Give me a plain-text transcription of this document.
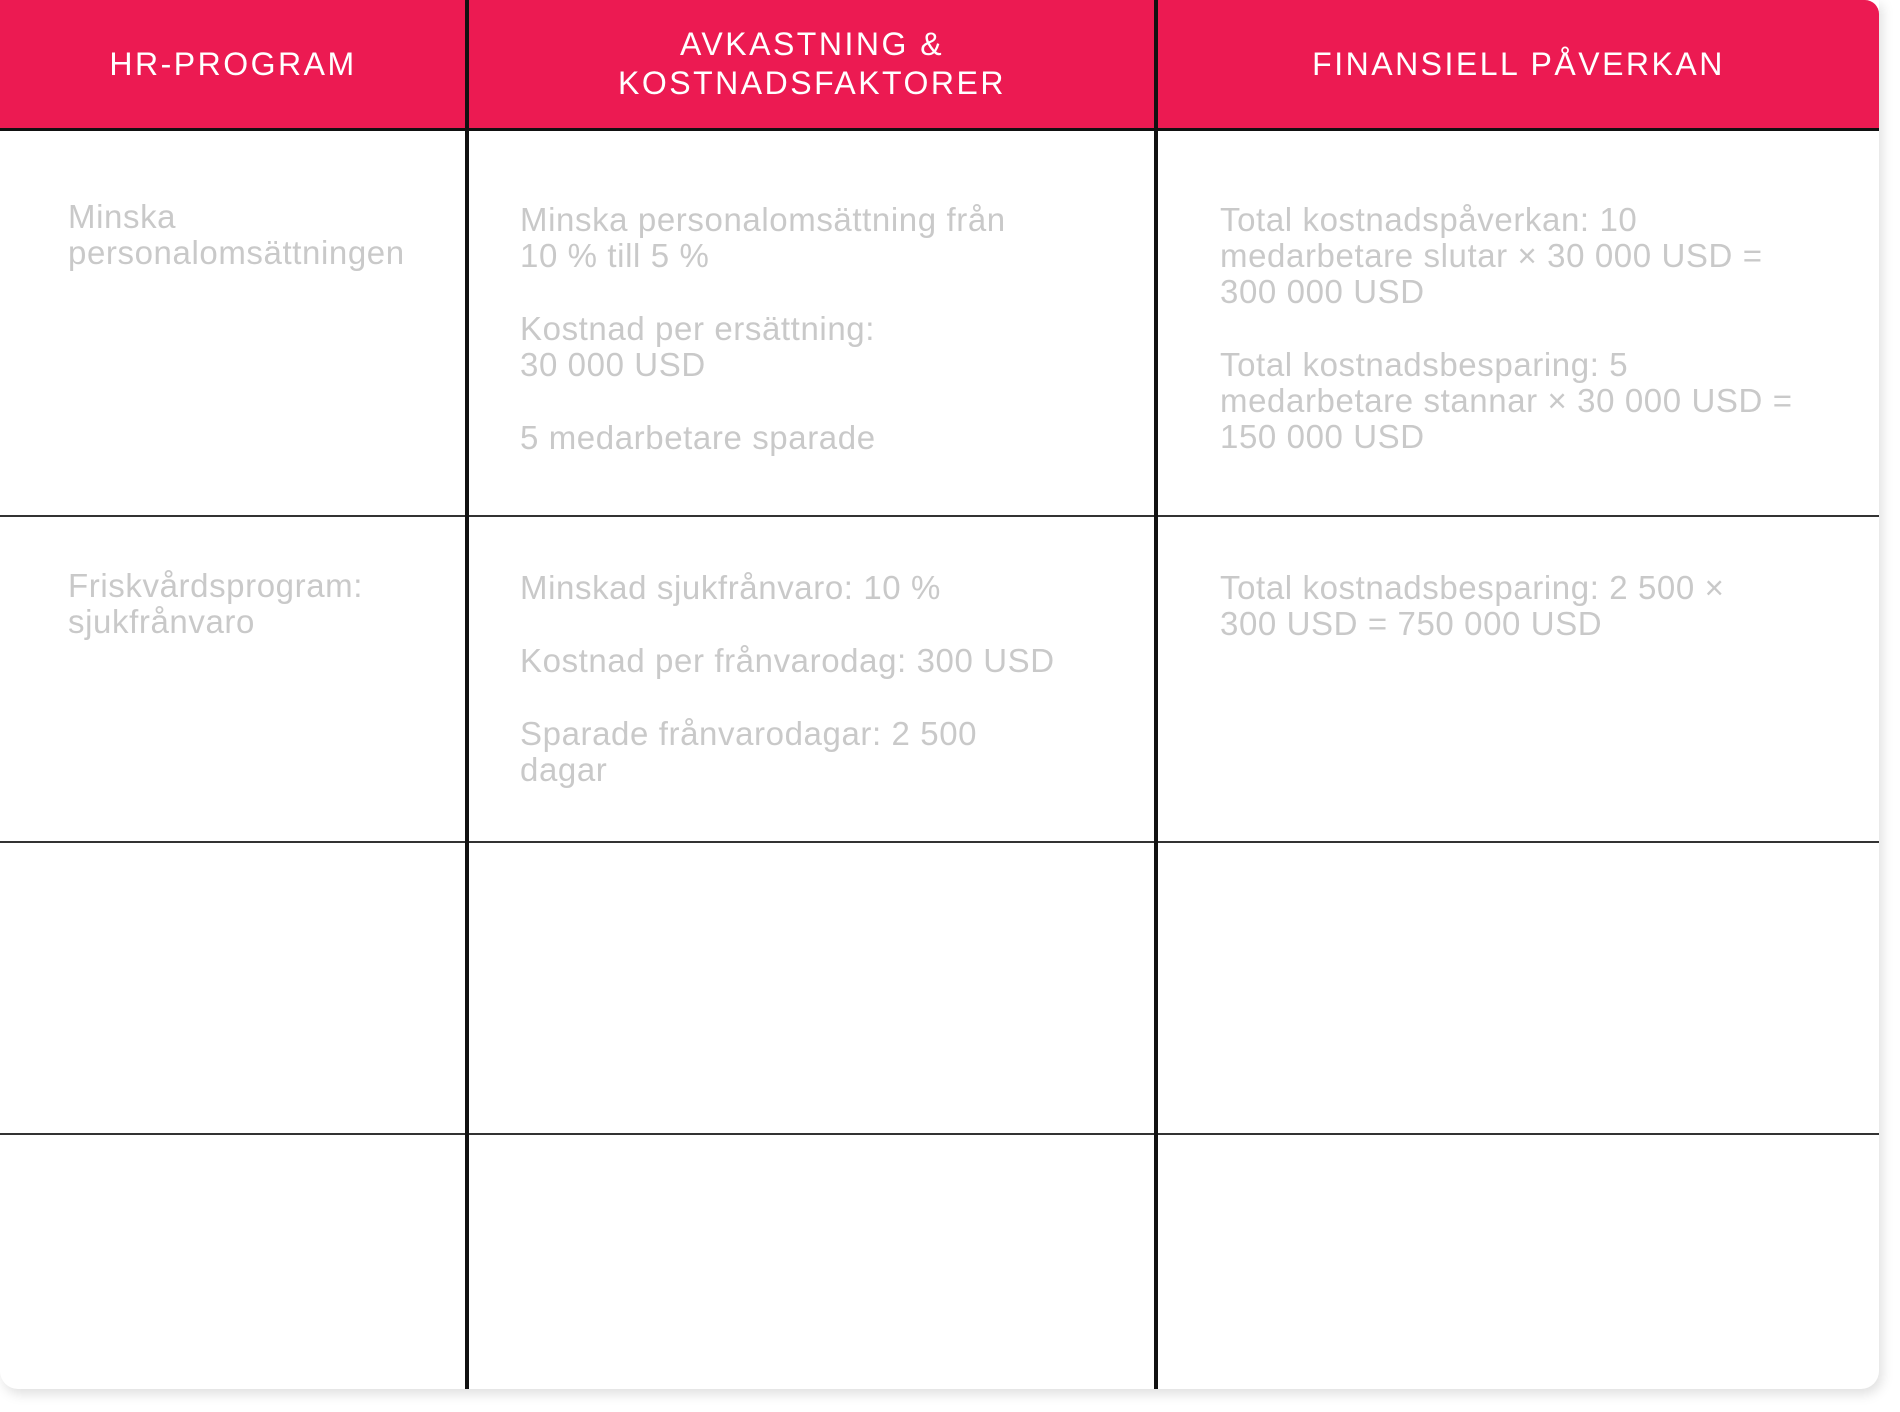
HR-PROGRAM
AVKASTNING & KOSTNADSFAKTORER
FINANSIELL PÅVERKAN

Minska
personalomsättningen

Minska personalomsättning från
10 % till 5 %

Kostnad per ersättning:
30 000 USD

5 medarbetare sparade

Total kostnadspåverkan: 10
medarbetare slutar × 30 000 USD =
300 000 USD

Total kostnadsbesparing: 5
medarbetare stannar × 30 000 USD =
150 000 USD

Friskvårdsprogram:
sjukfrånvaro

Minskad sjukfrånvaro: 10 %

Kostnad per frånvarodag: 300 USD

Sparade frånvarodagar: 2 500
dagar

Total kostnadsbesparing: 2 500 ×
300 USD = 750 000 USD
